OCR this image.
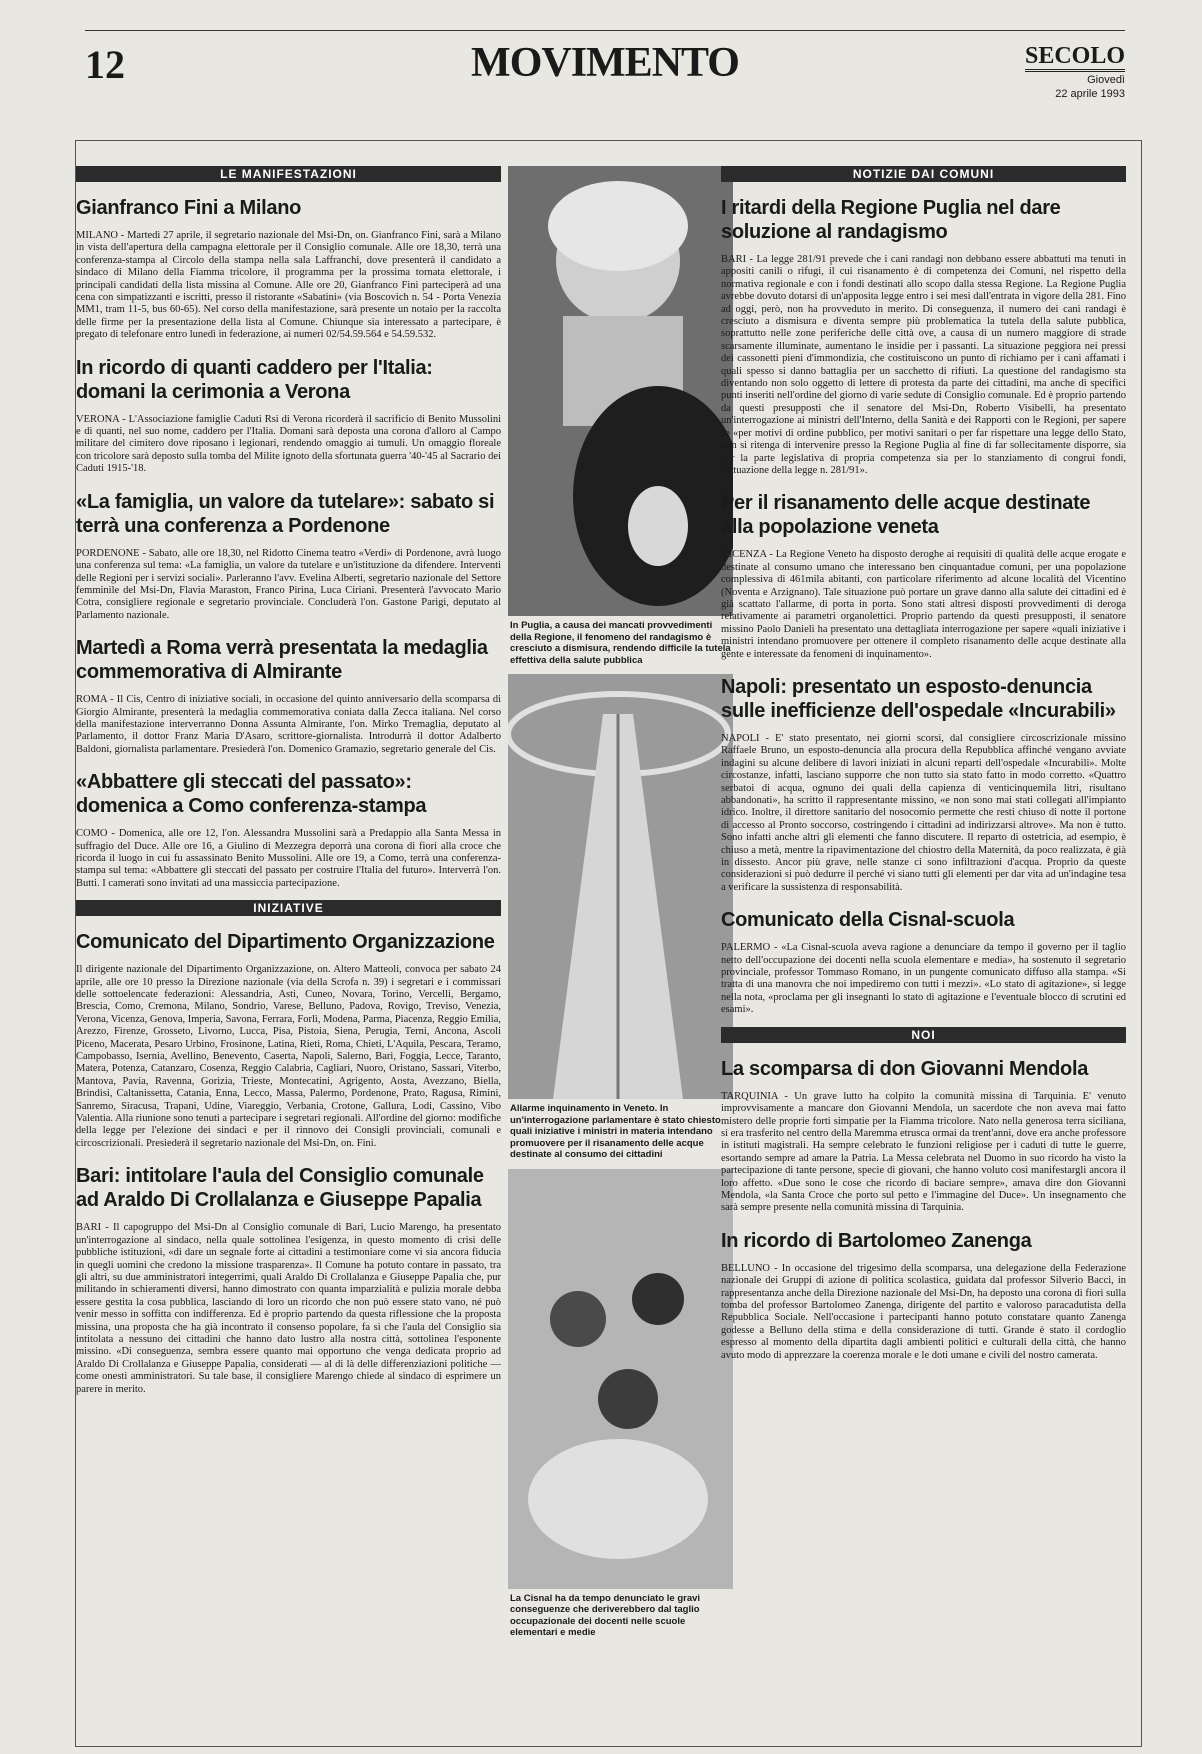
12	MOVIMENTO	SECOLO
Giovedì
22 aprile 1993
LE MANIFESTAZIONI
Gianfranco Fini a Milano

MILANO - Martedì 27 aprile, il segretario nazionale del Msi-Dn, on. Gianfranco Fini, sarà a Milano in vista dell'apertura della campagna elettorale per il Consiglio comunale. Alle ore 18,30, terrà una conferenza-stampa al Circolo della stampa nella sala Laffranchi, dove presenterà il candidato a sindaco di Milano della Fiamma tricolore, il programma per la prossima tornata elettorale, i principali candidati della lista missina al Comune. Alle ore 20, Gianfranco Fini parteciperà ad una cena con simpatizzanti e iscritti, presso il ristorante «Sabatini» (via Boscovich n. 54 - Porta Venezia MM1, tram 11-5, bus 60-65). Nel corso della manifestazione, sarà presente un notaio per la raccolta delle firme per la presentazione della lista al Comune. Chiunque sia interessato a partecipare, è pregato di telefonare entro lunedì in federazione, ai numeri 02/54.59.564 e 54.59.532.

In ricordo di quanti caddero per l'Italia: domani la cerimonia a Verona

VERONA - L'Associazione famiglie Caduti Rsi di Verona ricorderà il sacrificio di Benito Mussolini e di quanti, nel suo nome, caddero per l'Italia. Domani sarà deposta una corona d'alloro al Campo militare del cimitero dove riposano i legionari, rendendo omaggio ai tumuli. Un omaggio floreale con tricolore sarà deposto sulla tomba del Milite ignoto della sfortunata guerra '40-'45 al Sacrario dei Caduti 1915-'18.

«La famiglia, un valore da tutelare»: sabato si terrà una conferenza a Pordenone

PORDENONE - Sabato, alle ore 18,30, nel Ridotto Cinema teatro «Verdi» di Pordenone, avrà luogo una conferenza sul tema: «La famiglia, un valore da tutelare e un'istituzione da difendere. Interventi delle Regioni per i servizi sociali». Parleranno l'avv. Evelina Alberti, segretario nazionale del Settore femminile del Msi-Dn, Flavia Maraston, Franco Pirina, Luca Ciriani. Presenterà l'avvocato Mario Cotra, consigliere regionale e segretario provinciale. Concluderà l'on. Gastone Parigi, deputato al Parlamento nazionale.

Martedì a Roma verrà presentata la medaglia commemorativa di Almirante

ROMA - Il Cis, Centro di iniziative sociali, in occasione del quinto anniversario della scomparsa di Giorgio Almirante, presenterà la medaglia commemorativa coniata dalla Zecca italiana. Nel corso della manifestazione interverranno Donna Assunta Almirante, l'on. Mirko Tremaglia, deputato al Parlamento, il dottor Franz Maria D'Asaro, scrittore-giornalista. Introdurrà il dottor Adalberto Baldoni, giornalista parlamentare. Presiederà l'on. Domenico Gramazio, segretario generale del Cis.

«Abbattere gli steccati del passato»: domenica a Como conferenza-stampa

COMO - Domenica, alle ore 12, l'on. Alessandra Mussolini sarà a Predappio alla Santa Messa in suffragio del Duce. Alle ore 16, a Giulino di Mezzegra deporrà una corona di fiori alla croce che ricorda il luogo in cui fu assassinato Benito Mussolini. Alle ore 19, a Como, terrà una conferenza-stampa sul tema: «Abbattere gli steccati del passato per costruire l'Italia del futuro». Interverrà l'on. Butti. I camerati sono invitati ad una massiccia partecipazione.

INIZIATIVE
Comunicato del Dipartimento Organizzazione

Il dirigente nazionale del Dipartimento Organizzazione, on. Altero Matteoli, convoca per sabato 24 aprile, alle ore 10 presso la Direzione nazionale (via della Scrofa n. 39) i segretari e i commissari delle sottoelencate federazioni: Alessandria, Asti, Cuneo, Novara, Torino, Vercelli, Bergamo, Brescia, Como, Cremona, Milano, Sondrio, Varese, Belluno, Padova, Rovigo, Treviso, Venezia, Verona, Vicenza, Genova, Imperia, Savona, Ferrara, Forlì, Modena, Parma, Piacenza, Reggio Emilia, Arezzo, Firenze, Grosseto, Livorno, Lucca, Pisa, Pistoia, Siena, Perugia, Terni, Ancona, Ascoli Piceno, Macerata, Pesaro Urbino, Frosinone, Latina, Rieti, Roma, Chieti, L'Aquila, Pescara, Teramo, Campobasso, Isernia, Avellino, Benevento, Caserta, Napoli, Salerno, Bari, Foggia, Lecce, Taranto, Matera, Potenza, Catanzaro, Cosenza, Reggio Calabria, Cagliari, Nuoro, Oristano, Sassari, Viterbo, Mantova, Pavia, Ravenna, Gorizia, Trieste, Montecatini, Agrigento, Aosta, Avezzano, Biella, Brindisi, Caltanissetta, Catania, Enna, Lecco, Massa, Palermo, Pordenone, Prato, Ragusa, Rimini, Sanremo, Siracusa, Trapani, Udine, Viareggio, Verbania, Crotone, Gallura, Lodi, Cassino, Vibo Valentia. Alla riunione sono tenuti a partecipare i segretari regionali. All'ordine del giorno: modifiche della legge per l'elezione dei sindaci e per il rinnovo dei Consigli provinciali, comunali e circoscrizionali. Presiederà il segretario nazionale del Msi-Dn, on. Fini.

Bari: intitolare l'aula del Consiglio comunale ad Araldo Di Crollalanza e Giuseppe Papalia

BARI - Il capogruppo del Msi-Dn al Consiglio comunale di Bari, Lucio Marengo, ha presentato un'interrogazione al sindaco, nella quale sottolinea l'esigenza, in questo momento di crisi delle pubbliche istituzioni, «di dare un segnale forte ai cittadini a testimoniare come vi sia ancora fiducia in quegli uomini che credono la missione trasparenza». Il Comune ha potuto contare in passato, tra gli altri, su due amministratori integerrimi, quali Araldo Di Crollalanza e Giuseppe Papalia che, pur militando in schieramenti diversi, hanno dimostrato con quanta imparzialità e pulizia morale debba essere gestita la cosa pubblica, lasciando di loro un ricordo che non può essere stato vano, né può venir messo in soffitta con indifferenza. Ed è proprio partendo da questa riflessione che la proposta missina, una proposta che ha già incontrato il consenso popolare, fa sì che l'aula del Consiglio sia intitolata a nessuno dei cittadini che hanno dato lustro alla nostra città, sottolinea l'esponente missino. «Di conseguenza, sembra essere quanto mai opportuno che venga dedicata proprio ad Araldo Di Crollalanza e Giuseppe Papalia, considerati — al di là delle differenziazioni politiche — come onesti amministratori. Su tale base, il consigliere Marengo chiede al sindaco di esprimere un parere in merito.

In Puglia, a causa dei mancati provvedimenti della Regione, il fenomeno del randagismo è cresciuto a dismisura, rendendo difficile la tutela effettiva della salute pubblica
Allarme inquinamento in Veneto. In un'interrogazione parlamentare è stato chiesto quali iniziative i ministri in materia intendano promuovere per il risanamento delle acque destinate al consumo dei cittadini
La Cisnal ha da tempo denunciato le gravi conseguenze che deriverebbero dal taglio occupazionale dei docenti nelle scuole elementari e medie
NOTIZIE DAI COMUNI
I ritardi della Regione Puglia nel dare soluzione al randagismo

BARI - La legge 281/91 prevede che i cani randagi non debbano essere abbattuti ma tenuti in appositi canili o rifugi, il cui risanamento è di competenza dei Comuni, nel rispetto della normativa regionale e con i fondi destinati allo scopo dalla stessa Regione. La Regione Puglia avrebbe dovuto dotarsi di un'apposita legge entro i sei mesi dall'entrata in vigore della 281. Fino ad oggi, però, non ha provveduto in merito. Di conseguenza, il numero dei cani randagi è cresciuto a dismisura e diventa sempre più problematica la tutela della salute pubblica, soprattutto nelle zone periferiche delle città ove, a causa di un numero maggiore di strade scarsamente illuminate, aumentano le insidie per i passanti. La situazione peggiora nei pressi dei cassonetti pieni d'immondizia, che costituiscono un punto di richiamo per i cani affamati i quali spesso si danno battaglia per un sacchetto di rifiuti. La questione del randagismo sta diventando non solo oggetto di lettere di protesta da parte dei cittadini, ma anche di specifici punti inseriti nell'ordine del giorno di varie sedute di Consiglio comunale. Ed è proprio partendo da questi presupposti che il senatore del Msi-Dn, Roberto Visibelli, ha presentato un'interrogazione ai ministri dell'Interno, della Sanità e dei Rapporti con le Regioni, per sapere se «per motivi di ordine pubblico, per motivi sanitari o per far rispettare una legge dello Stato, non si ritenga di intervenire presso la Regione Puglia al fine di far sollecitamente disporre, sia per la parte legislativa di propria competenza sia per lo stanziamento di congrui fondi, l'attuazione della legge n. 281/91».

Per il risanamento delle acque destinate alla popolazione veneta

VICENZA - La Regione Veneto ha disposto deroghe ai requisiti di qualità delle acque erogate e destinate al consumo umano che interessano ben cinquantadue comuni, per una popolazione complessiva di 461mila abitanti, con particolare riferimento ad alcune località del Vicentino (Noventa e Arzignano). Tale situazione può portare un grave danno alla salute dei cittadini ed è già scattato l'allarme, di porta in porta. Sono stati altresì disposti provvedimenti di deroga relativamente ai parametri organolettici. Proprio partendo da questi presupposti, il senatore missino Paolo Danieli ha presentato una dettagliata interrogazione per sapere «quali iniziative i ministri intendano promuovere per ottenere il completo risanamento delle acque destinate alla gente e interessate da fenomeni di inquinamento».

Napoli: presentato un esposto-denuncia sulle inefficienze dell'ospedale «Incurabili»

NAPOLI - E' stato presentato, nei giorni scorsi, dal consigliere circoscrizionale missino Raffaele Bruno, un esposto-denuncia alla procura della Repubblica affinché vengano avviate indagini su alcune delibere di lavori iniziati in alcuni reparti dell'ospedale «Incurabili». Molte circostanze, infatti, lasciano supporre che non tutto sia stato fatto in modo corretto. «Quattro serbatoi di acqua, ognuno dei quali della capienza di venticinquemila litri, risultano abbandonati», ha scritto il rappresentante missino, «e non sono mai stati collegati all'impianto idrico. Inoltre, il direttore sanitario del nosocomio permette che resti chiuso di notte il portone di accesso al Pronto soccorso, costringendo i cittadini ad indirizzarsi altrove». Ma non è tutto. Sono infatti anche altri gli elementi che fanno discutere. Il reparto di ostetricia, ad esempio, è chiuso a metà, mentre la ripavimentazione del chiostro della Maternità, da poco realizzata, è già in dissesto. Ancor più grave, nelle stanze ci sono infiltrazioni d'acqua. Proprio da queste considerazioni si può dedurre il perché vi siano tutti gli elementi per dar vita ad un'indagine tesa a verificare la sussistenza di responsabilità.

Comunicato della Cisnal-scuola

PALERMO - «La Cisnal-scuola aveva ragione a denunciare da tempo il governo per il taglio netto dell'occupazione dei docenti nella scuola elementare e media», ha sostenuto il segretario provinciale, professor Tommaso Romano, in un pungente comunicato diffuso alla stampa. «Si tratta di una manovra che noi impediremo con tutti i mezzi». «Lo stato di agitazione», si legge nella nota, «proclama per gli insegnanti lo stato di agitazione e l'eventuale blocco di scrutini ed esami».

NOI
La scomparsa di don Giovanni Mendola

TARQUINIA - Un grave lutto ha colpito la comunità missina di Tarquinia. E' venuto improvvisamente a mancare don Giovanni Mendola, un sacerdote che non aveva mai fatto mistero delle proprie forti simpatie per la Fiamma tricolore. Nato nella generosa terra siciliana, si era trasferito nel centro della Maremma etrusca ormai da trent'anni, dove era anche professore in istituti magistrali. Ha sempre celebrato le funzioni religiose per i caduti di tutte le guerre, esortando sempre ad amare la Patria. La Messa celebrata nel Duomo in suo ricordo ha visto la partecipazione di tante persone, specie di giovani, che hanno voluto così manifestargli ancora il loro affetto. «Due sono le cose che ricordo di baciare sempre», amava dire don Giovanni Mendola, «la Santa Croce che porto sul petto e l'immagine del Duce». Un insegnamento che sarà sempre presente nella comunità missina di Tarquinia.

In ricordo di Bartolomeo Zanenga

BELLUNO - In occasione del trigesimo della scomparsa, una delegazione della Federazione nazionale dei Gruppi di azione di politica scolastica, guidata dal professor Silverio Bacci, in rappresentanza anche della Direzione nazionale del Msi-Dn, ha deposto una corona di fiori sulla tomba del professor Bartolomeo Zanenga, dirigente del partito e valoroso paracadutista della Repubblica Sociale. Nell'occasione i partecipanti hanno potuto constatare quanto Zanenga godesse a Belluno della stima e della considerazione di tutti. Grande è stato il cordoglio espresso al momento della dipartita dagli ambienti politici e culturali della città, che hanno avuto modo di apprezzare la coerenza morale e le doti umane e civili del nostro camerata.
